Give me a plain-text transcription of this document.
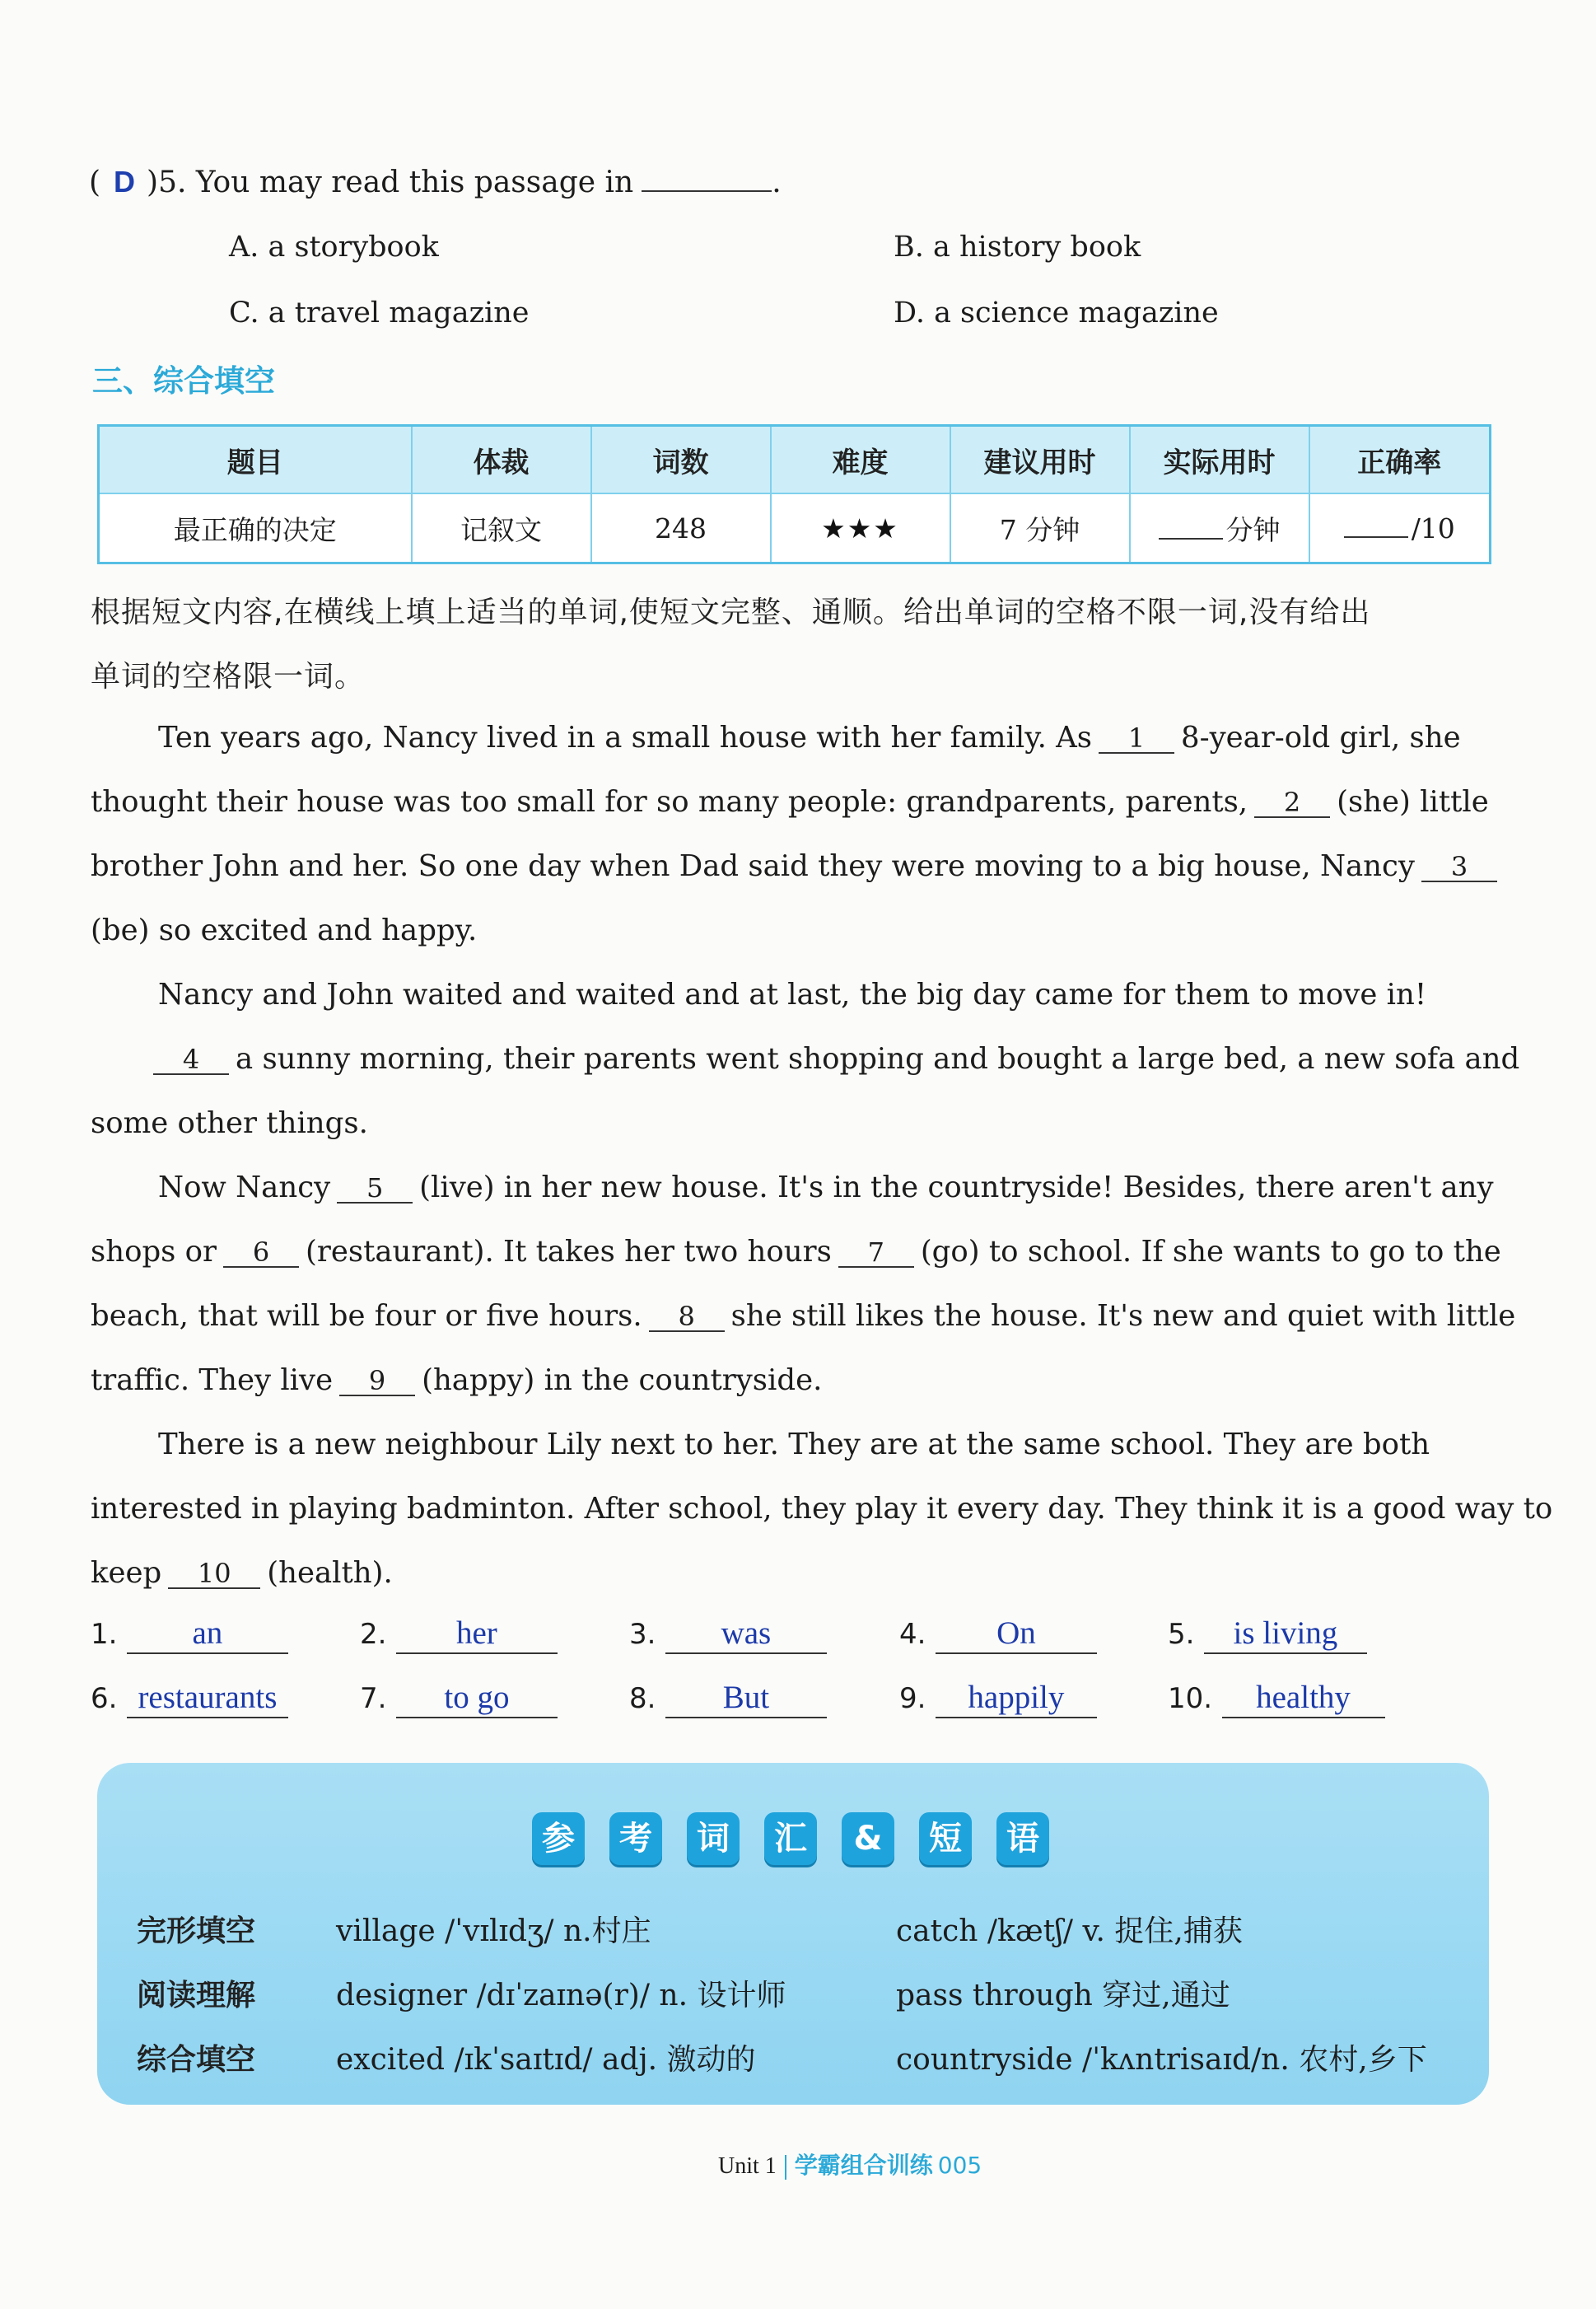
( D )5. You may read this passage in	.
A. a storybook	B. a history book
C. a travel magazine	D. a science magazine
三、综合填空
题目	体裁	词数	难度	建议用时	实际用时	正确率
最正确的决定	记叙文	248	★★★	7 分钟	分钟	/10
根据短文内容,在横线上填上适当的单词,使短文完整、通顺。给出单词的空格不限一词,没有给出
单词的空格限一词。
Ten years ago, Nancy lived in a small house with her family. As 1 8-year-old girl, she
thought their house was too small for so many people: grandparents, parents, 2 (she) little
brother John and her. So one day when Dad said they were moving to a big house, Nancy 3
(be) so excited and happy.
Nancy and John waited and waited and at last, the big day came for them to move in!
4 a sunny morning, their parents went shopping and bought a large bed, a new sofa and
some other things.
Now Nancy 5 (live) in her new house. It's in the countryside! Besides, there aren't any
shops or 6 (restaurant). It takes her two hours 7 (go) to school. If she wants to go to the
beach, that will be four or five hours. 8 she still likes the house. It's new and quiet with little
traffic. They live 9 (happy) in the countryside.
There is a new neighbour Lily next to her. They are at the same school. They are both
interested in playing badminton. After school, they play it every day. They think it is a good way to
keep 10 (health).
1. an	2. her	3. was	4. On	5. is living
6. restaurants	7. to go	8. But	9. happily	10. healthy
参 考 词 汇 & 短 语
完形填空	village /ˈvɪlɪdʒ/ n.村庄	catch /kætʃ/ v. 捉住,捕获
阅读理解	designer /dɪˈzaɪnə(r)/ n. 设计师	pass through 穿过,通过
综合填空	excited /ɪkˈsaɪtɪd/ adj. 激动的	countryside /ˈkʌntrisaɪd/n. 农村,乡下
Unit 1 学霸组合训练 005
